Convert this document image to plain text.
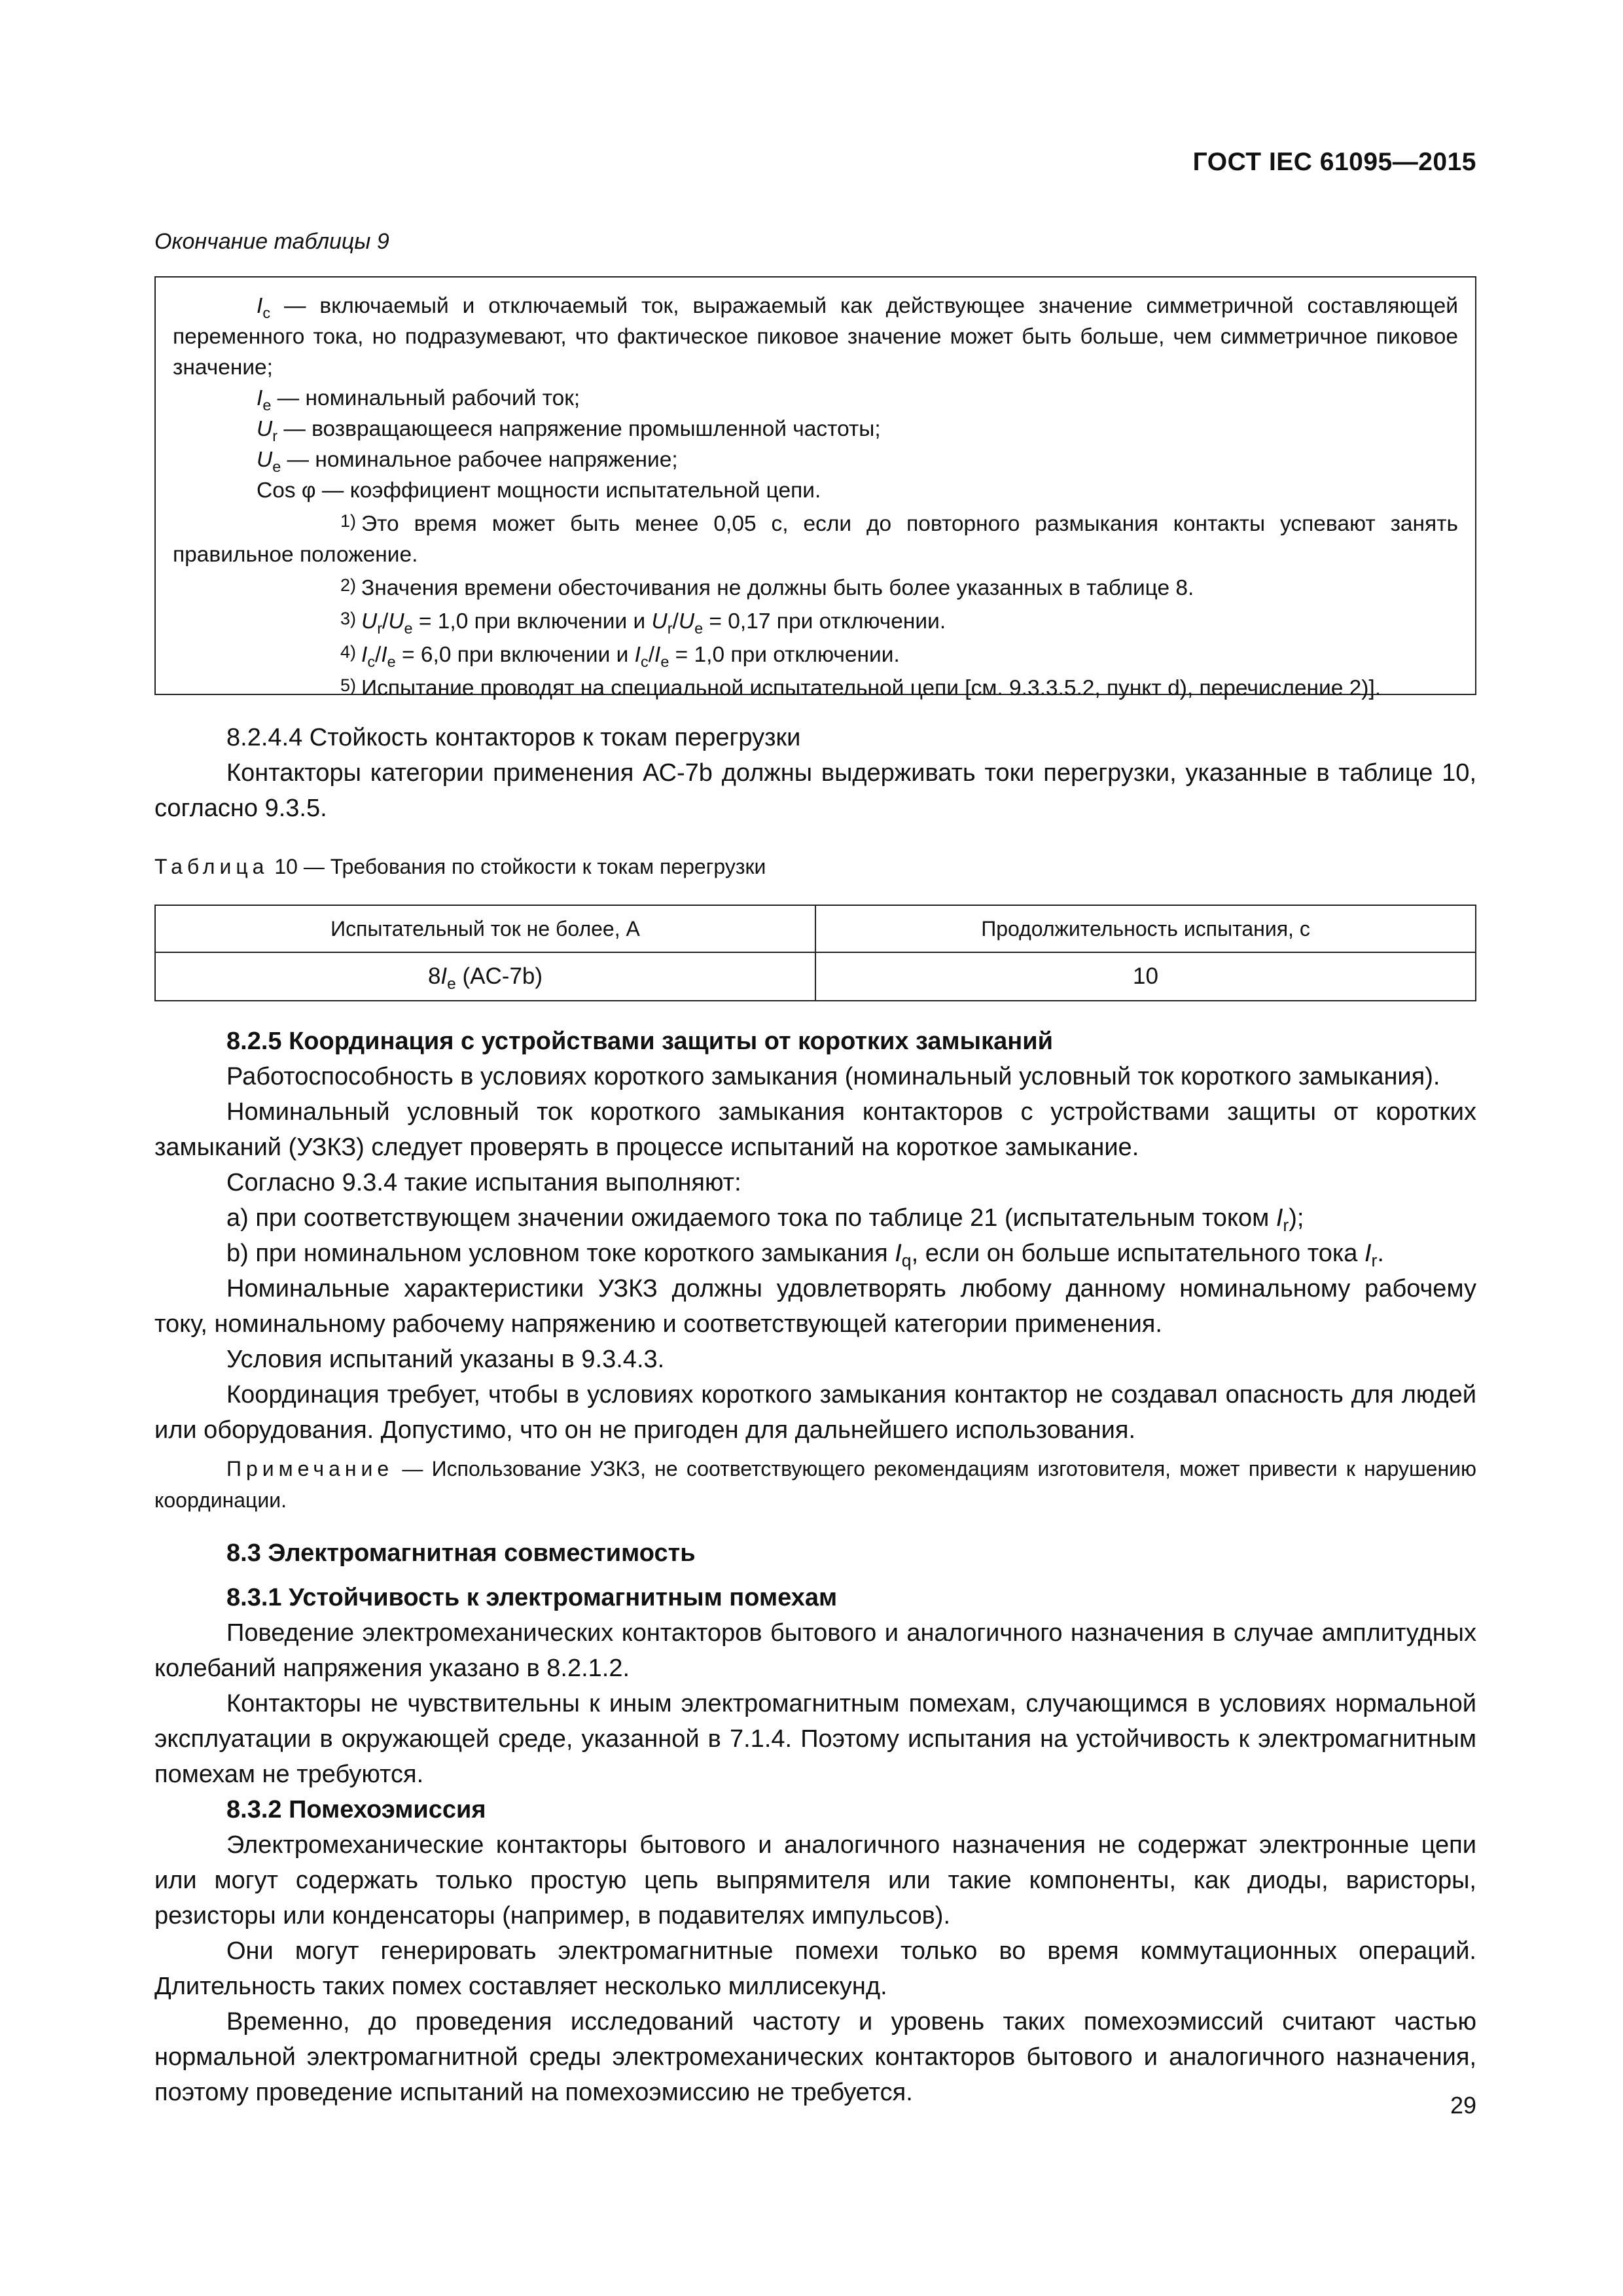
ГОСТ IEC 61095—2015
Окончание таблицы 9

$I_c$ — включаемый и отключаемый ток, выражаемый как действующее значение симметричной составляющей переменного тока, но подразумевают, что фактическое пиковое значение может быть больше, чем симметричное пиковое значение;

$I_e$ — номинальный рабочий ток;

$U_r$ — возвращающееся напряжение промышленной частоты;

$U_e$ — номинальное рабочее напряжение;

Cos φ — коэффициент мощности испытательной цепи.

1) Это время может быть менее 0,05 с, если до повторного размыкания контакты успевают занять правильное положение.

2) Значения времени обесточивания не должны быть более указанных в таблице 8.

3) $U_r/U_e = 1,0$ при включении и $U_r/U_e = 0,17$ при отключении.

4) $I_c/I_e = 6,0$ при включении и $I_c/I_e = 1,0$ при отключении.

5) Испытание проводят на специальной испытательной цепи [см. 9.3.3.5.2, пункт d), перечисление 2)].

8.2.4.4 Стойкость контакторов к токам перегрузки

Контакторы категории применения АС-7b должны выдерживать токи перегрузки, указанные в таблице 10, согласно 9.3.5.

Таблица 10 — Требования по стойкости к токам перегрузки
Испытательный ток не более, А	Продолжительность испытания, с
$8I_e$ (AC-7b)	10

8.2.5 Координация с устройствами защиты от коротких замыканий

Работоспособность в условиях короткого замыкания (номинальный условный ток короткого замыкания).

Номинальный условный ток короткого замыкания контакторов с устройствами защиты от коротких замыканий (УЗКЗ) следует проверять в процессе испытаний на короткое замыкание.

Согласно 9.3.4 такие испытания выполняют:

a) при соответствующем значении ожидаемого тока по таблице 21 (испытательным током $I_r$);

b) при номинальном условном токе короткого замыкания $I_q$, если он больше испытательного тока $I_r$.

Номинальные характеристики УЗКЗ должны удовлетворять любому данному номинальному рабочему току, номинальному рабочему напряжению и соответствующей категории применения.

Условия испытаний указаны в 9.3.4.3.

Координация требует, чтобы в условиях короткого замыкания контактор не создавал опасность для людей или оборудования. Допустимо, что он не пригоден для дальнейшего использования.

Примечание — Использование УЗКЗ, не соответствующего рекомендациям изготовителя, может привести к нарушению координации.

8.3 Электромагнитная совместимость

8.3.1 Устойчивость к электромагнитным помехам

Поведение электромеханических контакторов бытового и аналогичного назначения в случае амплитудных колебаний напряжения указано в 8.2.1.2.

Контакторы не чувствительны к иным электромагнитным помехам, случающимся в условиях нормальной эксплуатации в окружающей среде, указанной в 7.1.4. Поэтому испытания на устойчивость к электромагнитным помехам не требуются.

8.3.2 Помехоэмиссия

Электромеханические контакторы бытового и аналогичного назначения не содержат электронные цепи или могут содержать только простую цепь выпрямителя или такие компоненты, как диоды, варисторы, резисторы или конденсаторы (например, в подавителях импульсов).

Они могут генерировать электромагнитные помехи только во время коммутационных операций. Длительность таких помех составляет несколько миллисекунд.

Временно, до проведения исследований частоту и уровень таких помехоэмиссий считают частью нормальной электромагнитной среды электромеханических контакторов бытового и аналогичного назначения, поэтому проведение испытаний на помехоэмиссию не требуется.	29
